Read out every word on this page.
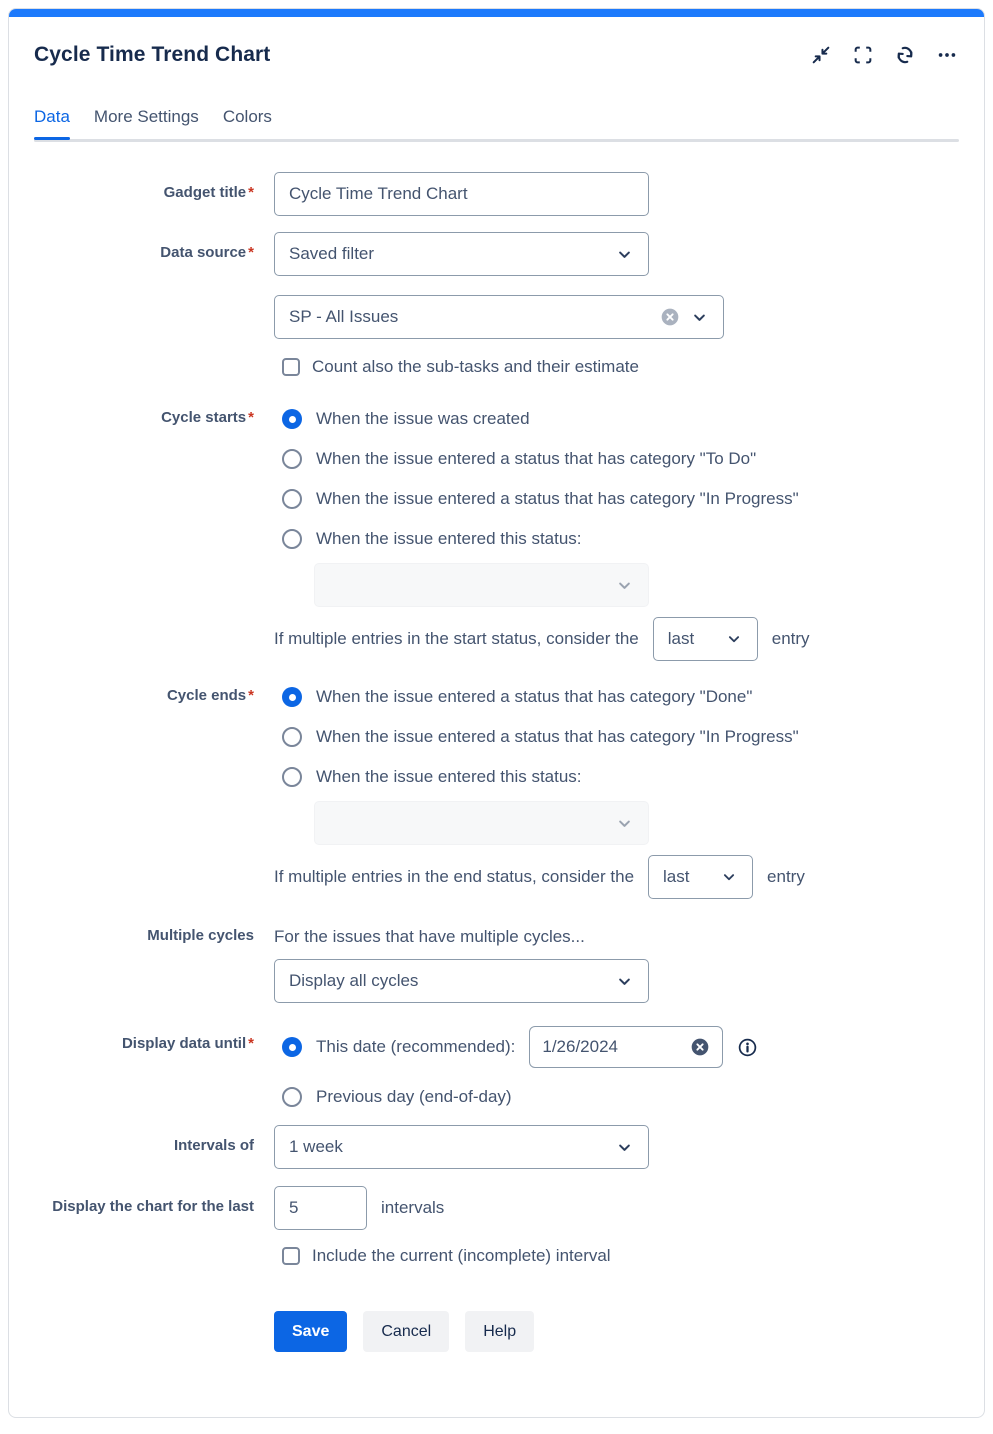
Cycle Time Trend Chart
Data More Settings Colors
Gadget title * Cycle Time Trend Chart
Data source * Saved filter
SP - All Issues
Count also the sub-tasks and their estimate
Cycle starts *	When the issue was created
When the issue entered a status that has category "To Do"
When the issue entered a status that has category "In Progress"
When the issue entered this status:
If multiple entries in the start status, consider the last	entry
Cycle ends *	When the issue entered a status that has category "Done"
When the issue entered a status that has category "In Progress"
When the issue entered this status:
If multiple entries in the end status, consider the last	entry
Multiple cycles For the issues that have multiple cycles...
Display all cycles
Display data until *	This date (recommended): 1/26/2024
Previous day (end-of-day)
Intervals of 1 week
Display the chart for the last 5	intervals
Include the current (incomplete) interval
Save	Cancel	Help
